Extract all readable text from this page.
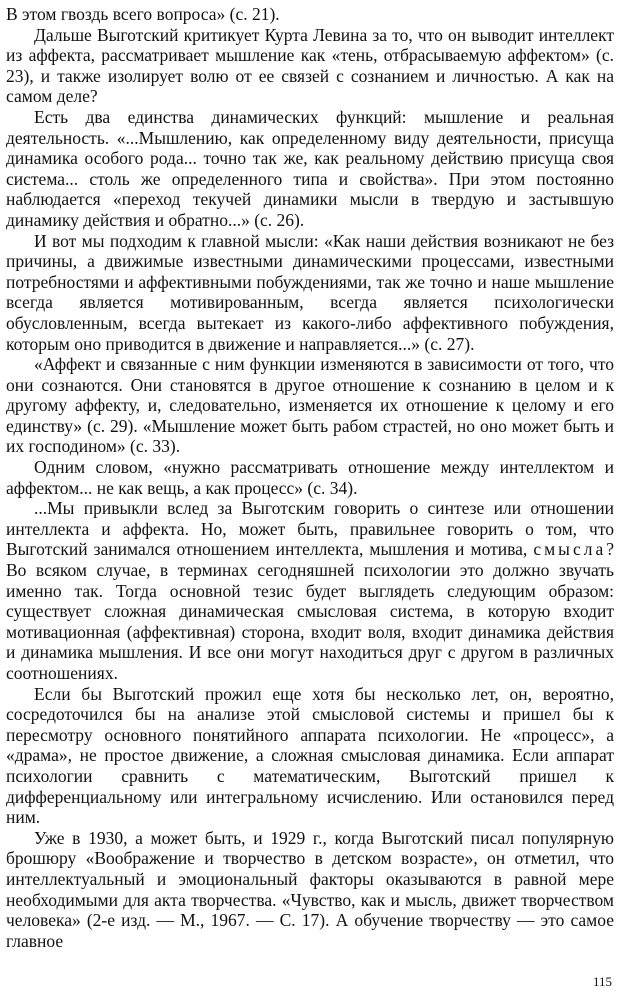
В этом гвоздь всего вопроса» (с. 21).

Дальше Выготский критикует Курта Левина за то, что он выводит интеллект из аффекта, рассматривает мышление как «тень, отбрасываемую аффектом» (с. 23), и также изолирует волю от ее связей с сознанием и личностью. А как на самом деле?

Есть два единства динамических функций: мышление и реальная деятельность. «...Мышлению, как определенному виду деятельности, присуща динамика особого рода... точно так же, как реальному действию присуща своя система... столь же определенного типа и свойства». При этом постоянно наблюдается «переход текучей динамики мысли в твердую и застывшую динамику действия и обратно...» (с. 26).

И вот мы подходим к главной мысли: «Как наши действия возникают не без причины, а движимые известными динамическими процессами, известными потребностями и аффективными побуждениями, так же точно и наше мышление всегда является мотивированным, всегда является психологически обусловленным, всегда вытекает из какого-либо аффективного побуждения, которым оно приводится в движение и направляется...» (с. 27).

«Аффект и связанные с ним функции изменяются в зависимости от того, что они сознаются. Они становятся в другое отношение к сознанию в целом и к другому аффекту, и, следовательно, изменяется их отношение к целому и его единству» (с. 29). «Мышление может быть рабом страстей, но оно может быть и их господином» (с. 33).

Одним словом, «нужно рассматривать отношение между интеллектом и аффектом... не как вещь, а как процесс» (с. 34).

...Мы привыкли вслед за Выготским говорить о синтезе или отношении интеллекта и аффекта. Но, может быть, правильнее говорить о том, что Выготский занимался отношением интеллекта, мышления и мотива, смысла? Во всяком случае, в терминах сегодняшней психологии это должно звучать именно так. Тогда основной тезис будет выглядеть следующим образом: существует сложная динамическая смысловая система, в которую входит мотивационная (аффективная) сторона, входит воля, входит динамика действия и динамика мышления. И все они могут находиться друг с другом в различных соотношениях.

Если бы Выготский прожил еще хотя бы несколько лет, он, вероятно, сосредоточился бы на анализе этой смысловой системы и пришел бы к пересмотру основного понятийного аппарата психологии. Не «процесс», а «драма», не простое движение, а сложная смысловая динамика. Если аппарат психологии сравнить с математическим, Выготский пришел к дифференциальному или интегральному исчислению. Или остановился перед ним.

Уже в 1930, а может быть, и 1929 г., когда Выготский писал популярную брошюру «Воображение и творчество в детском возрасте», он отметил, что интеллектуальный и эмоциональный факторы оказываются в равной мере необходимыми для акта творчества. «Чувство, как и мысль, движет творчеством человека» (2-е изд. — М., 1967. — С. 17). А обучение творчеству — это самое главное

115
